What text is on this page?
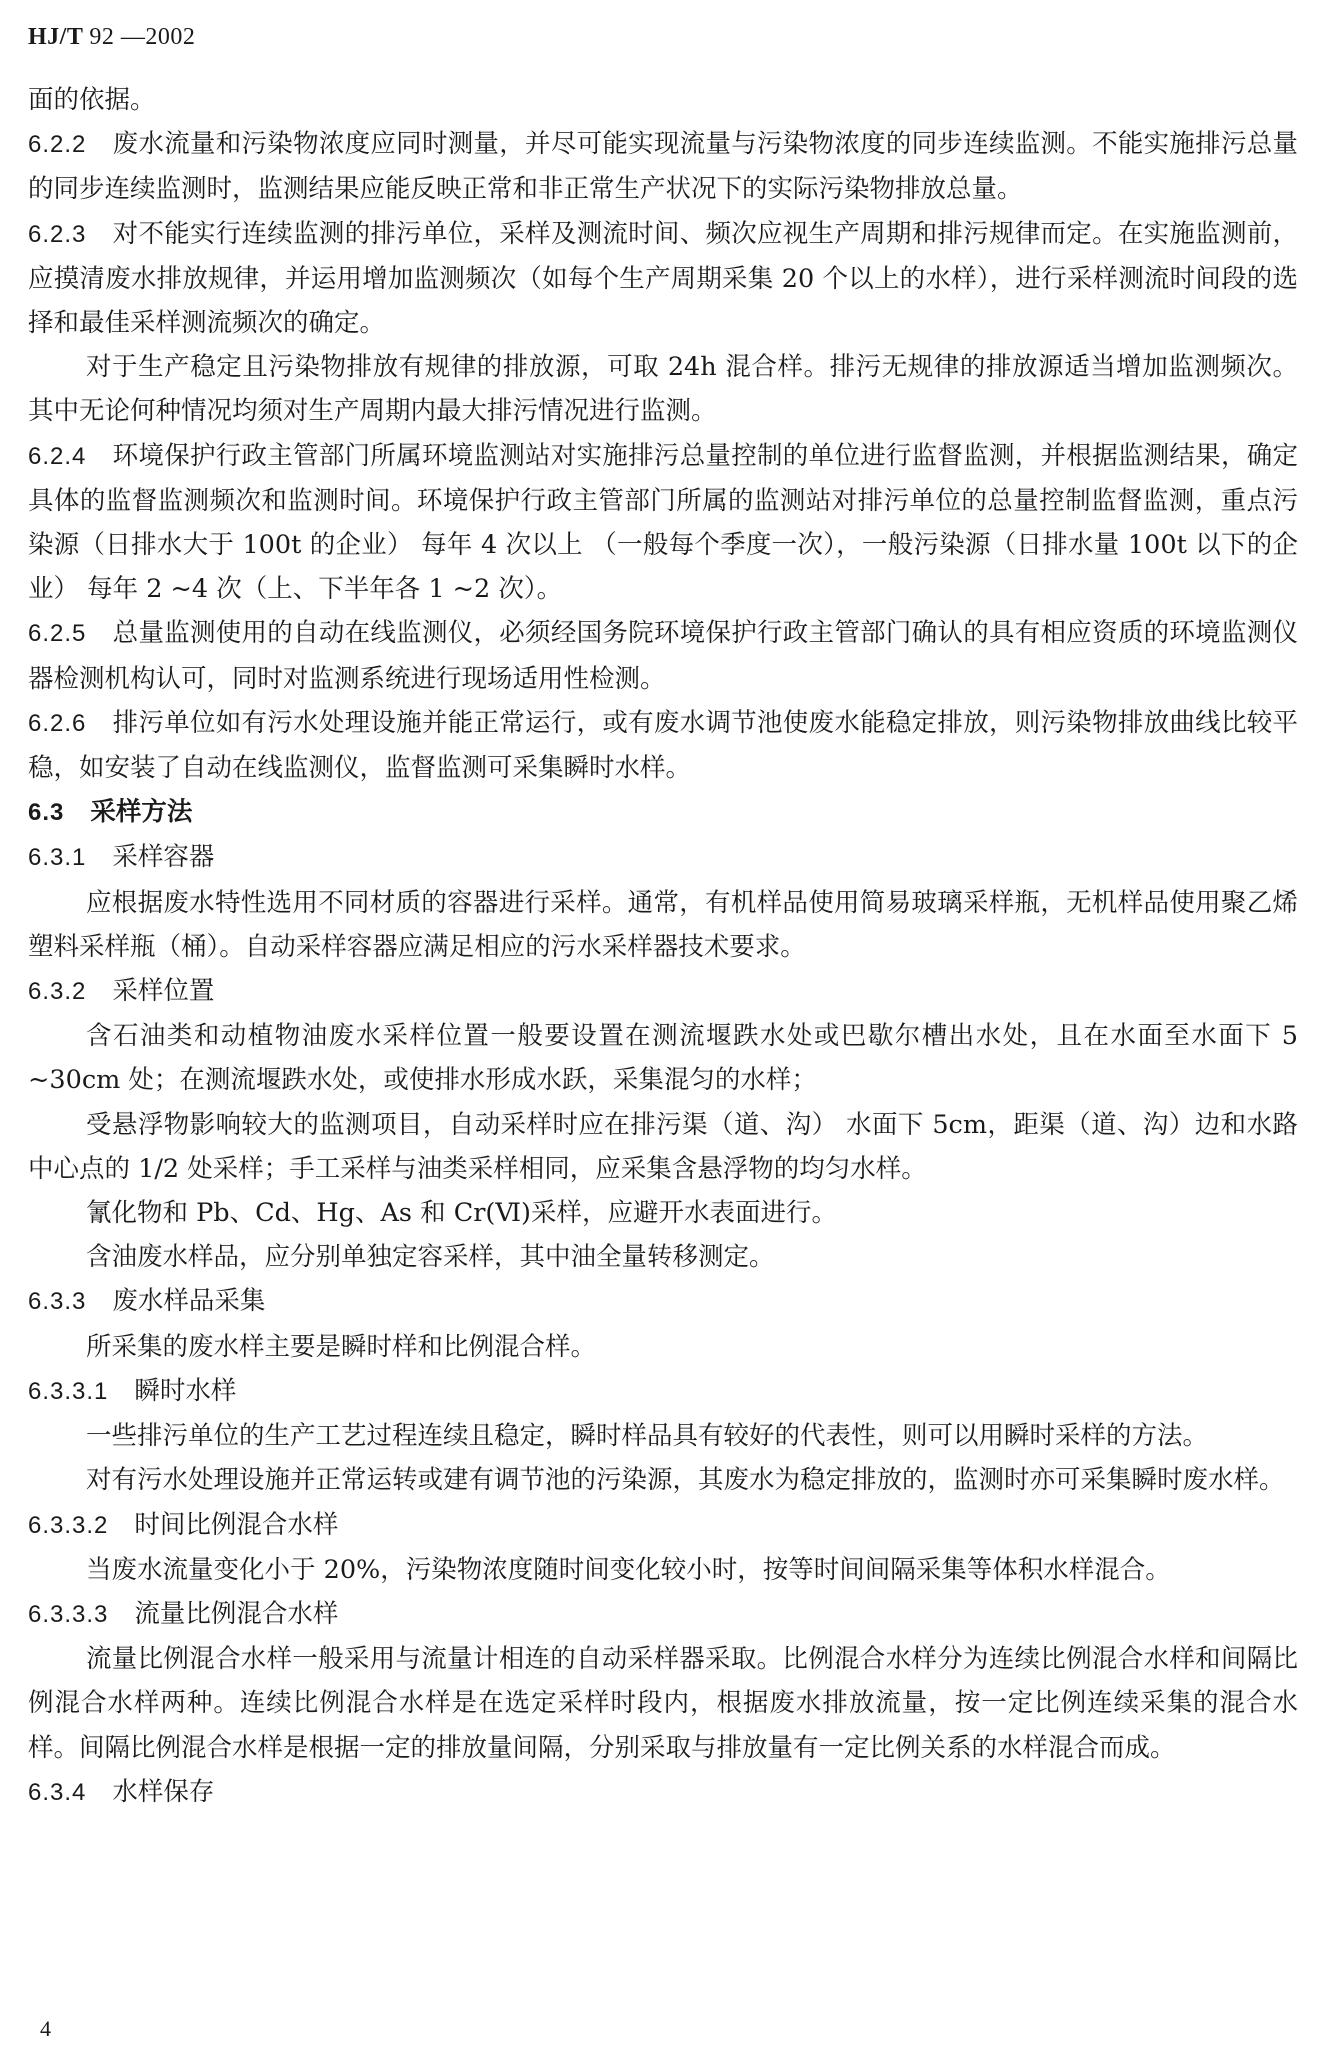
HJ/T 92 —2002

面的依据。

6.2.2 废水流量和污染物浓度应同时测量，并尽可能实现流量与污染物浓度的同步连续监测。不能实施排污总量的同步连续监测时，监测结果应能反映正常和非正常生产状况下的实际污染物排放总量。

6.2.3 对不能实行连续监测的排污单位，采样及测流时间、频次应视生产周期和排污规律而定。在实施监测前，应摸清废水排放规律，并运用增加监测频次（如每个生产周期采集 20 个以上的水样），进行采样测流时间段的选择和最佳采样测流频次的确定。

对于生产稳定且污染物排放有规律的排放源，可取 24h 混合样。排污无规律的排放源适当增加监测频次。其中无论何种情况均须对生产周期内最大排污情况进行监测。

6.2.4 环境保护行政主管部门所属环境监测站对实施排污总量控制的单位进行监督监测，并根据监测结果，确定具体的监督监测频次和监测时间。环境保护行政主管部门所属的监测站对排污单位的总量控制监督监测，重点污染源（日排水大于 100t 的企业） 每年 4 次以上 （一般每个季度一次），一般污染源（日排水量 100t 以下的企业） 每年 2 ~4 次（上、下半年各 1 ~2 次）。

6.2.5 总量监测使用的自动在线监测仪，必须经国务院环境保护行政主管部门确认的具有相应资质的环境监测仪器检测机构认可，同时对监测系统进行现场适用性检测。

6.2.6 排污单位如有污水处理设施并能正常运行，或有废水调节池使废水能稳定排放，则污染物排放曲线比较平稳，如安装了自动在线监测仪，监督监测可采集瞬时水样。

6.3 采样方法

6.3.1 采样容器

应根据废水特性选用不同材质的容器进行采样。通常，有机样品使用简易玻璃采样瓶，无机样品使用聚乙烯塑料采样瓶（桶）。自动采样容器应满足相应的污水采样器技术要求。

6.3.2 采样位置

含石油类和动植物油废水采样位置一般要设置在测流堰跌水处或巴歇尔槽出水处，且在水面至水面下 5 ~30cm 处；在测流堰跌水处，或使排水形成水跃，采集混匀的水样；

受悬浮物影响较大的监测项目，自动采样时应在排污渠（道、沟） 水面下 5cm，距渠（道、沟）边和水路中心点的 1/2 处采样；手工采样与油类采样相同，应采集含悬浮物的均匀水样。

氰化物和 Pb、Cd、Hg、As 和 Cr(Ⅵ)采样，应避开水表面进行。

含油废水样品，应分别单独定容采样，其中油全量转移测定。

6.3.3 废水样品采集

所采集的废水样主要是瞬时样和比例混合样。

6.3.3.1 瞬时水样

一些排污单位的生产工艺过程连续且稳定，瞬时样品具有较好的代表性，则可以用瞬时采样的方法。

对有污水处理设施并正常运转或建有调节池的污染源，其废水为稳定排放的，监测时亦可采集瞬时废水样。

6.3.3.2 时间比例混合水样

当废水流量变化小于 20%，污染物浓度随时间变化较小时，按等时间间隔采集等体积水样混合。

6.3.3.3 流量比例混合水样

流量比例混合水样一般采用与流量计相连的自动采样器采取。比例混合水样分为连续比例混合水样和间隔比例混合水样两种。连续比例混合水样是在选定采样时段内，根据废水排放流量，按一定比例连续采集的混合水样。间隔比例混合水样是根据一定的排放量间隔，分别采取与排放量有一定比例关系的水样混合而成。

6.3.4 水样保存

4
